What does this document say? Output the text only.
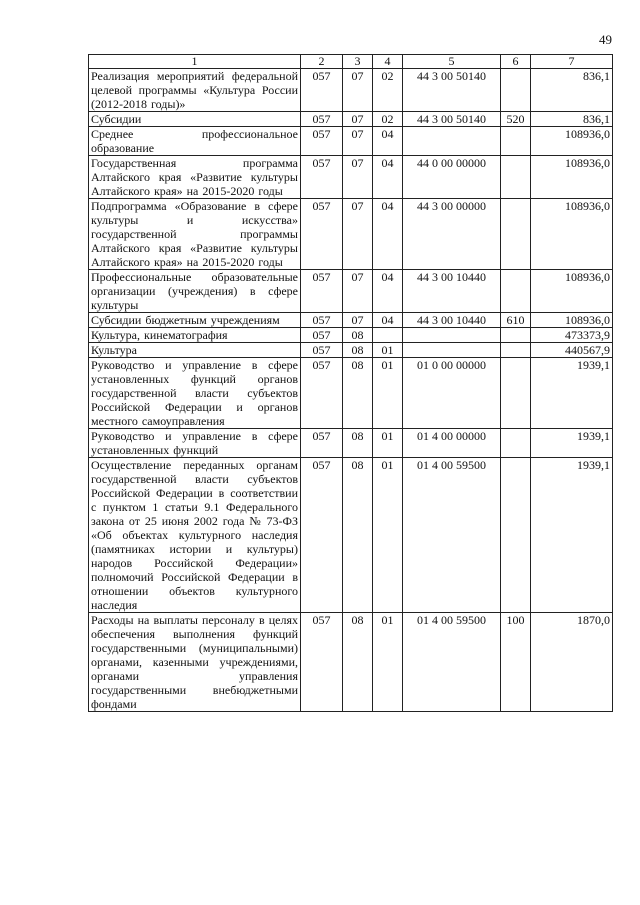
49
1	2	3	4	5	6	7
Реализация мероприятий федеральной целевой программы «Культура России (2012-2018 годы)»	057	07	02	44 3 00 50140		836,1
Субсидии	057	07	02	44 3 00 50140	520	836,1
Среднее профессиональное образование	057	07	04			108936,0
Государственная программа Алтайского края «Развитие культуры Алтайского края» на 2015-2020 годы	057	07	04	44 0 00 00000		108936,0
Подпрограмма «Образование в сфере культуры и искусства» государственной программы Алтайского края «Развитие культуры Алтайского края» на 2015-2020 годы	057	07	04	44 3 00 00000		108936,0
Профессиональные образовательные организации (учреждения) в сфере культуры	057	07	04	44 3 00 10440		108936,0
Субсидии бюджетным учреждениям	057	07	04	44 3 00 10440	610	108936,0
Культура, кинематография	057	08				473373,9
Культура	057	08	01			440567,9
Руководство и управление в сфере установленных функций органов государственной власти субъектов Российской Федерации и органов местного самоуправления	057	08	01	01 0 00 00000		1939,1
Руководство и управление в сфере установленных функций	057	08	01	01 4 00 00000		1939,1
Осуществление переданных органам государственной власти субъектов Российской Федерации в соответствии с пунктом 1 статьи 9.1 Федерального закона от 25 июня 2002 года № 73-ФЗ «Об объектах культурного наследия (памятниках истории и культуры) народов Российской Федерации» полномочий Российской Федерации в отношении объектов культурного наследия	057	08	01	01 4 00 59500		1939,1
Расходы на выплаты персоналу в целях обеспечения выполнения функций государственными (муниципальными) органами, казенными учреждениями, органами управления государственными внебюджетными фондами	057	08	01	01 4 00 59500	100	1870,0
